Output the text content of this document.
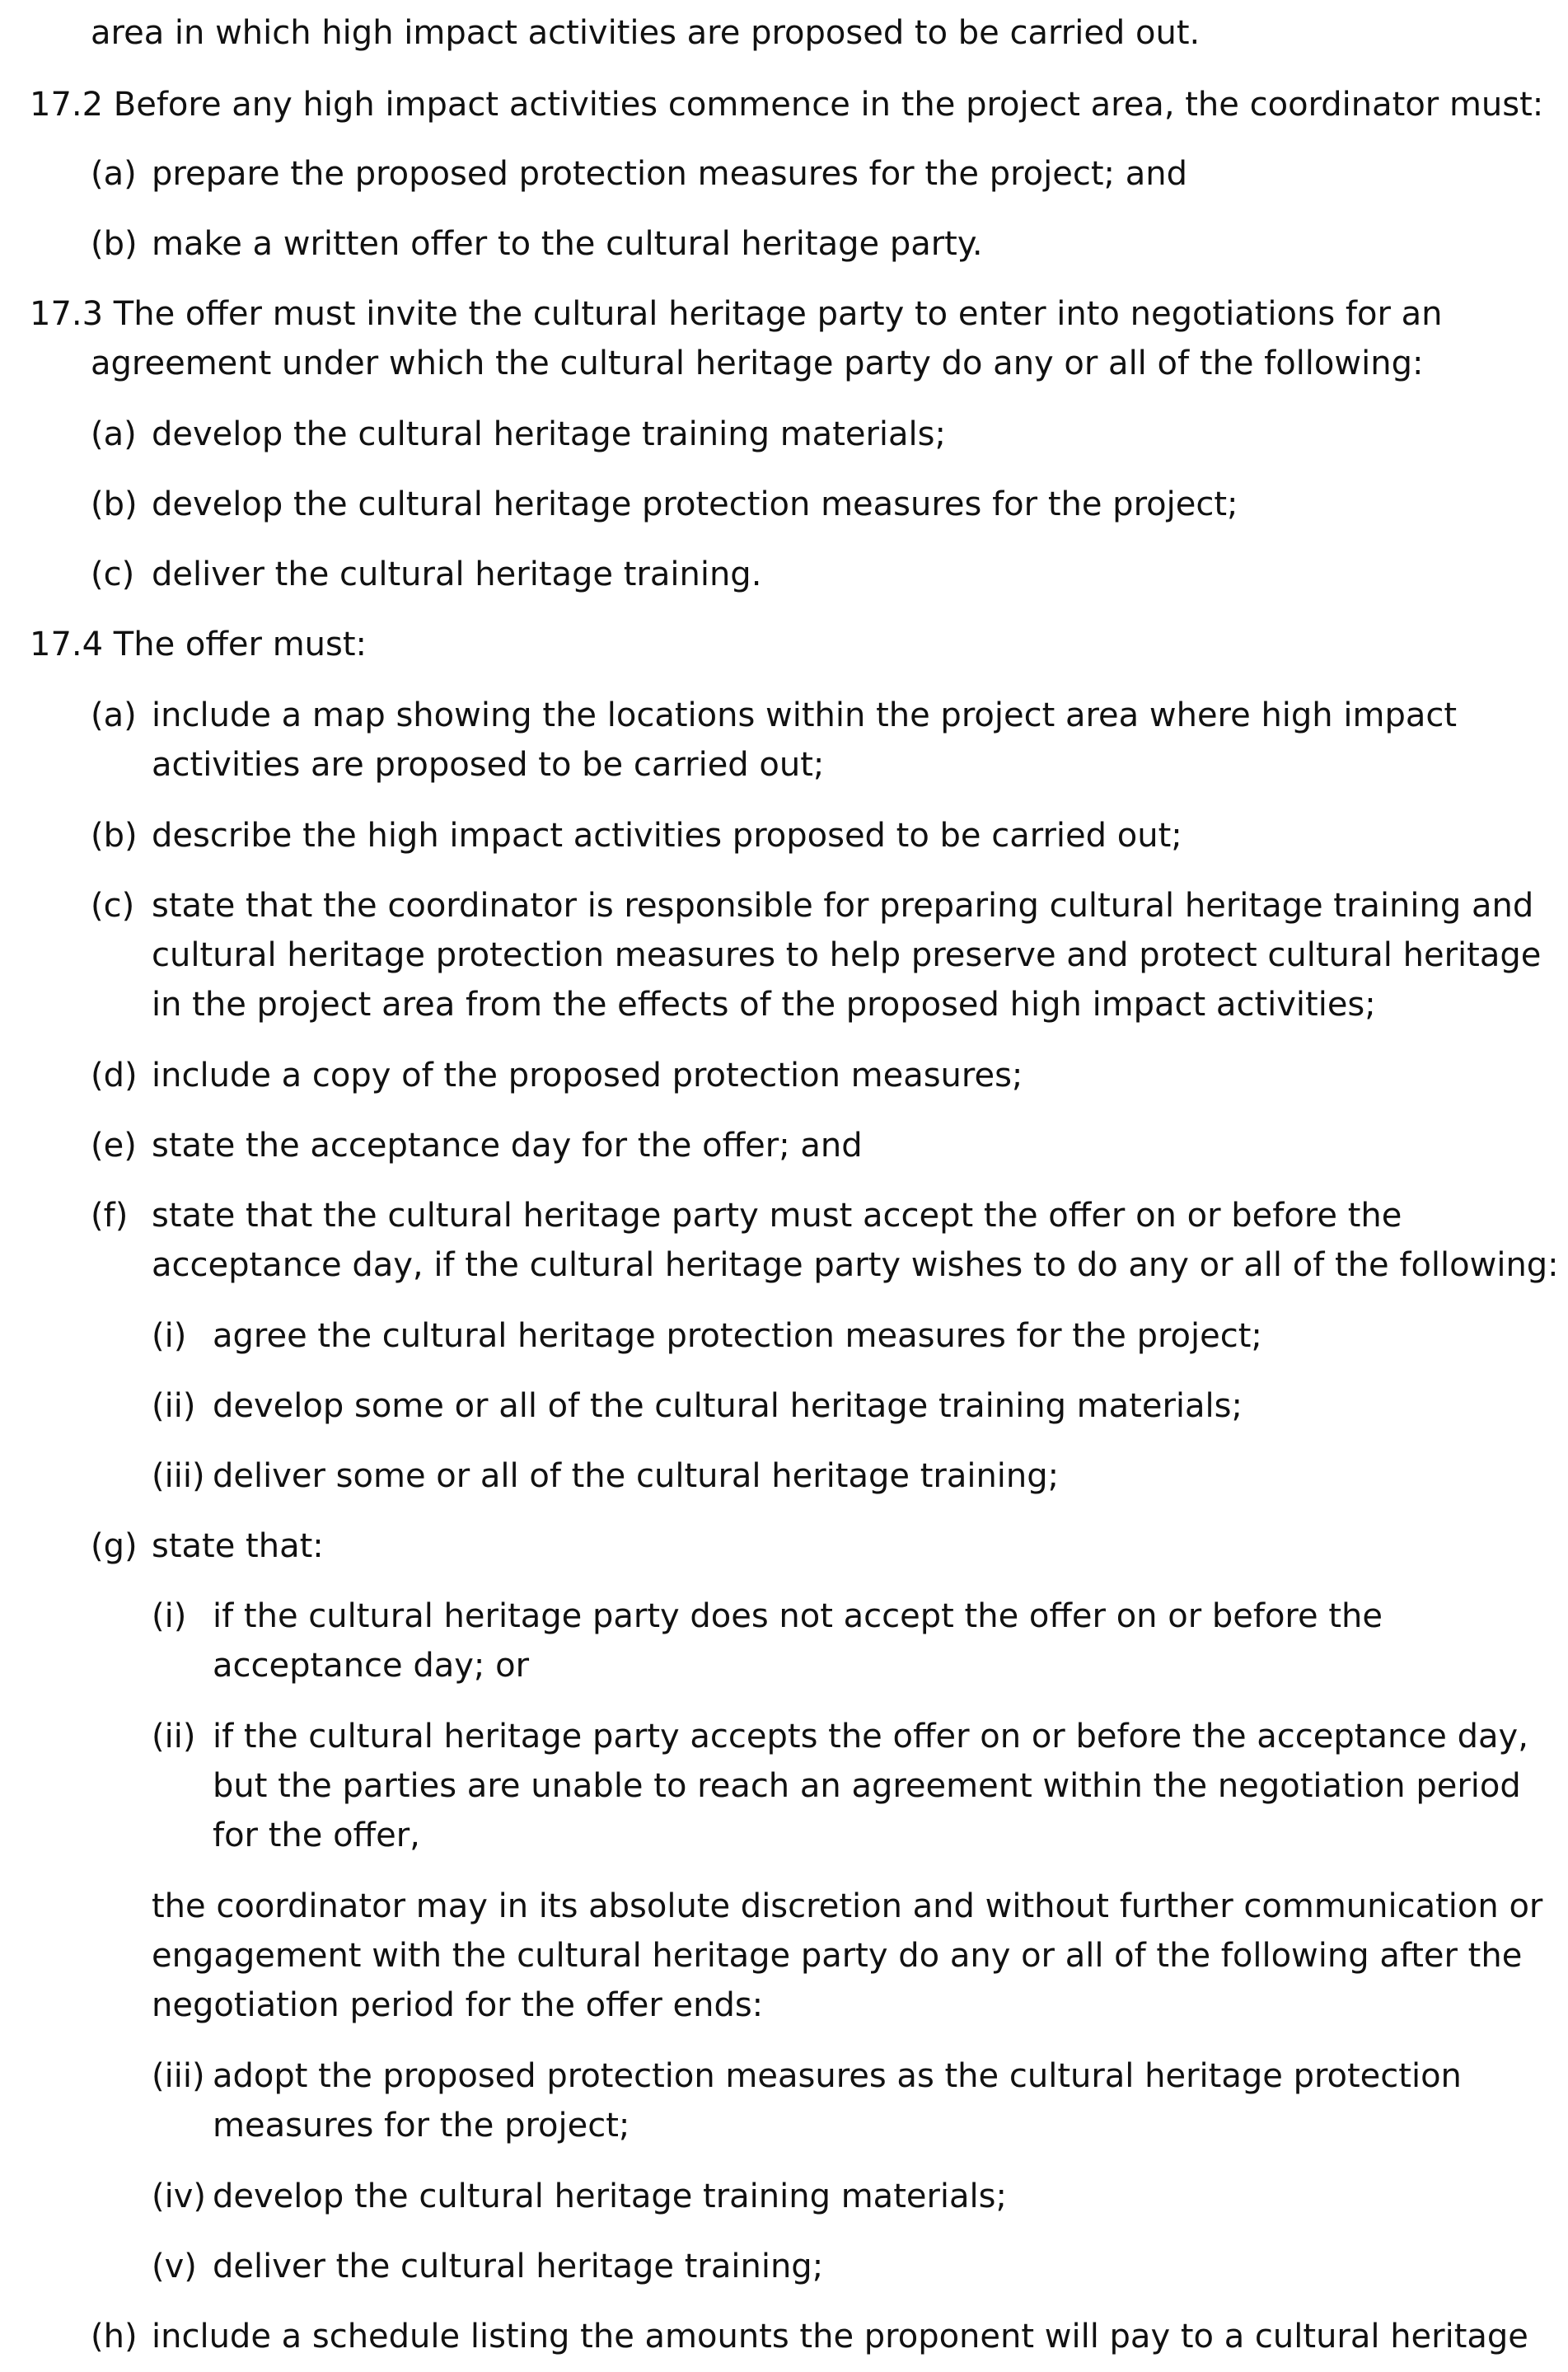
area in which high impact activities are proposed to be carried out.
17.2 Before any high impact activities commence in the project area, the coordinator must:
(a) prepare the proposed protection measures for the project; and
(b) make a written offer to the cultural heritage party.
17.3 The offer must invite the cultural heritage party to enter into negotiations for an
agreement under which the cultural heritage party do any or all of the following:
(a) develop the cultural heritage training materials;
(b) develop the cultural heritage protection measures for the project;
(c) deliver the cultural heritage training.
17.4 The offer must:
(a) include a map showing the locations within the project area where high impact
activities are proposed to be carried out;
(b) describe the high impact activities proposed to be carried out;
(c) state that the coordinator is responsible for preparing cultural heritage training and
cultural heritage protection measures to help preserve and protect cultural heritage
in the project area from the effects of the proposed high impact activities;
(d) include a copy of the proposed protection measures;
(e) state the acceptance day for the offer; and
(f) state that the cultural heritage party must accept the offer on or before the
acceptance day, if the cultural heritage party wishes to do any or all of the following:
(i) agree the cultural heritage protection measures for the project;
(ii) develop some or all of the cultural heritage training materials;
(iii) deliver some or all of the cultural heritage training;
(g) state that:
(i) if the cultural heritage party does not accept the offer on or before the
acceptance day; or
(ii) if the cultural heritage party accepts the offer on or before the acceptance day,
but the parties are unable to reach an agreement within the negotiation period
for the offer,
the coordinator may in its absolute discretion and without further communication or
engagement with the cultural heritage party do any or all of the following after the
negotiation period for the offer ends:
(iii) adopt the proposed protection measures as the cultural heritage protection
measures for the project;
(iv) develop the cultural heritage training materials;
(v) deliver the cultural heritage training;
(h) include a schedule listing the amounts the proponent will pay to a cultural heritage
